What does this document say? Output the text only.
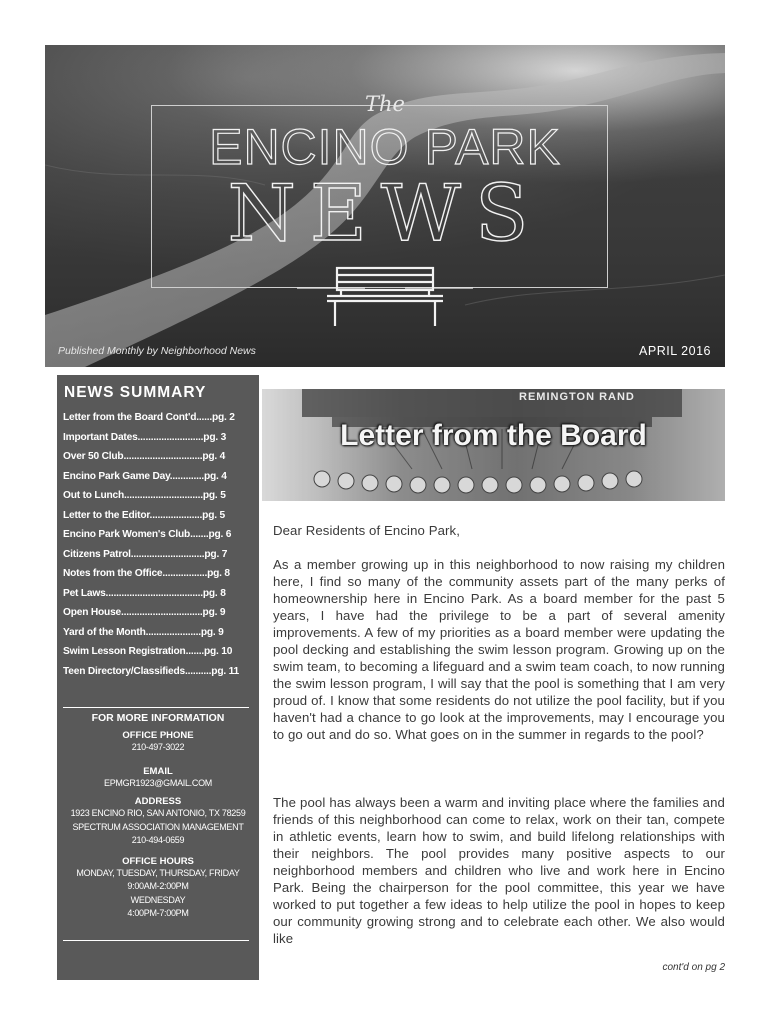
The
ENCINO PARK
NEWS
Published Monthly by Neighborhood News	APRIL 2016
NEWS SUMMARY
Letter from the Board Cont'd......pg. 2
Important Dates.........................pg. 3
Over 50 Club..............................pg. 4
Encino Park Game Day.............pg. 4
Out to Lunch..............................pg. 5
Letter to the Editor....................pg. 5
Encino Park Women's Club.......pg. 6
Citizens Patrol............................pg. 7
Notes from the Office.................pg. 8
Pet Laws.....................................pg. 8
Open House...............................pg. 9
Yard of the Month.....................pg. 9
Swim Lesson Registration.......pg. 10
Teen Directory/Classifieds..........pg. 11
FOR MORE INFORMATION
OFFICE PHONE
210-497-3022
EMAIL
EPMGR1923@GMAIL.COM
ADDRESS
1923 ENCINO RIO, SAN ANTONIO, TX 78259
SPECTRUM ASSOCIATION MANAGEMENT
210-494-0659
OFFICE HOURS
MONDAY, TUESDAY, THURSDAY, FRIDAY
9:00AM-2:00PM
WEDNESDAY
4:00PM-7:00PM
REMINGTON RAND
Letter from the Board
Dear Residents of Encino Park,
As a member growing up in this neighborhood to now raising my children here, I find so many of the community assets part of the many perks of homeownership here in Encino Park. As a board member for the past 5 years, I have had the privilege to be a part of several amenity improvements. A few of my priorities as a board member were updating the pool decking and establishing the swim lesson program. Growing up on the swim team, to becoming a lifeguard and a swim team coach, to now running the swim lesson program, I will say that the pool is something that I am very proud of. I know that some residents do not utilize the pool facility, but if you haven't had a chance to go look at the improvements, may I encourage you to go out and do so. What goes on in the summer in regards to the pool?
The pool has always been a warm and inviting place where the families and friends of this neighborhood can come to relax, work on their tan, compete in athletic events, learn how to swim, and build lifelong relationships with their neighbors. The pool provides many positive aspects to our neighborhood members and children who live and work here in Encino Park. Being the chairperson for the pool committee, this year we have worked to put together a few ideas to help utilize the pool in hopes to keep our community growing strong and to celebrate each other. We also would like
cont'd on pg 2
